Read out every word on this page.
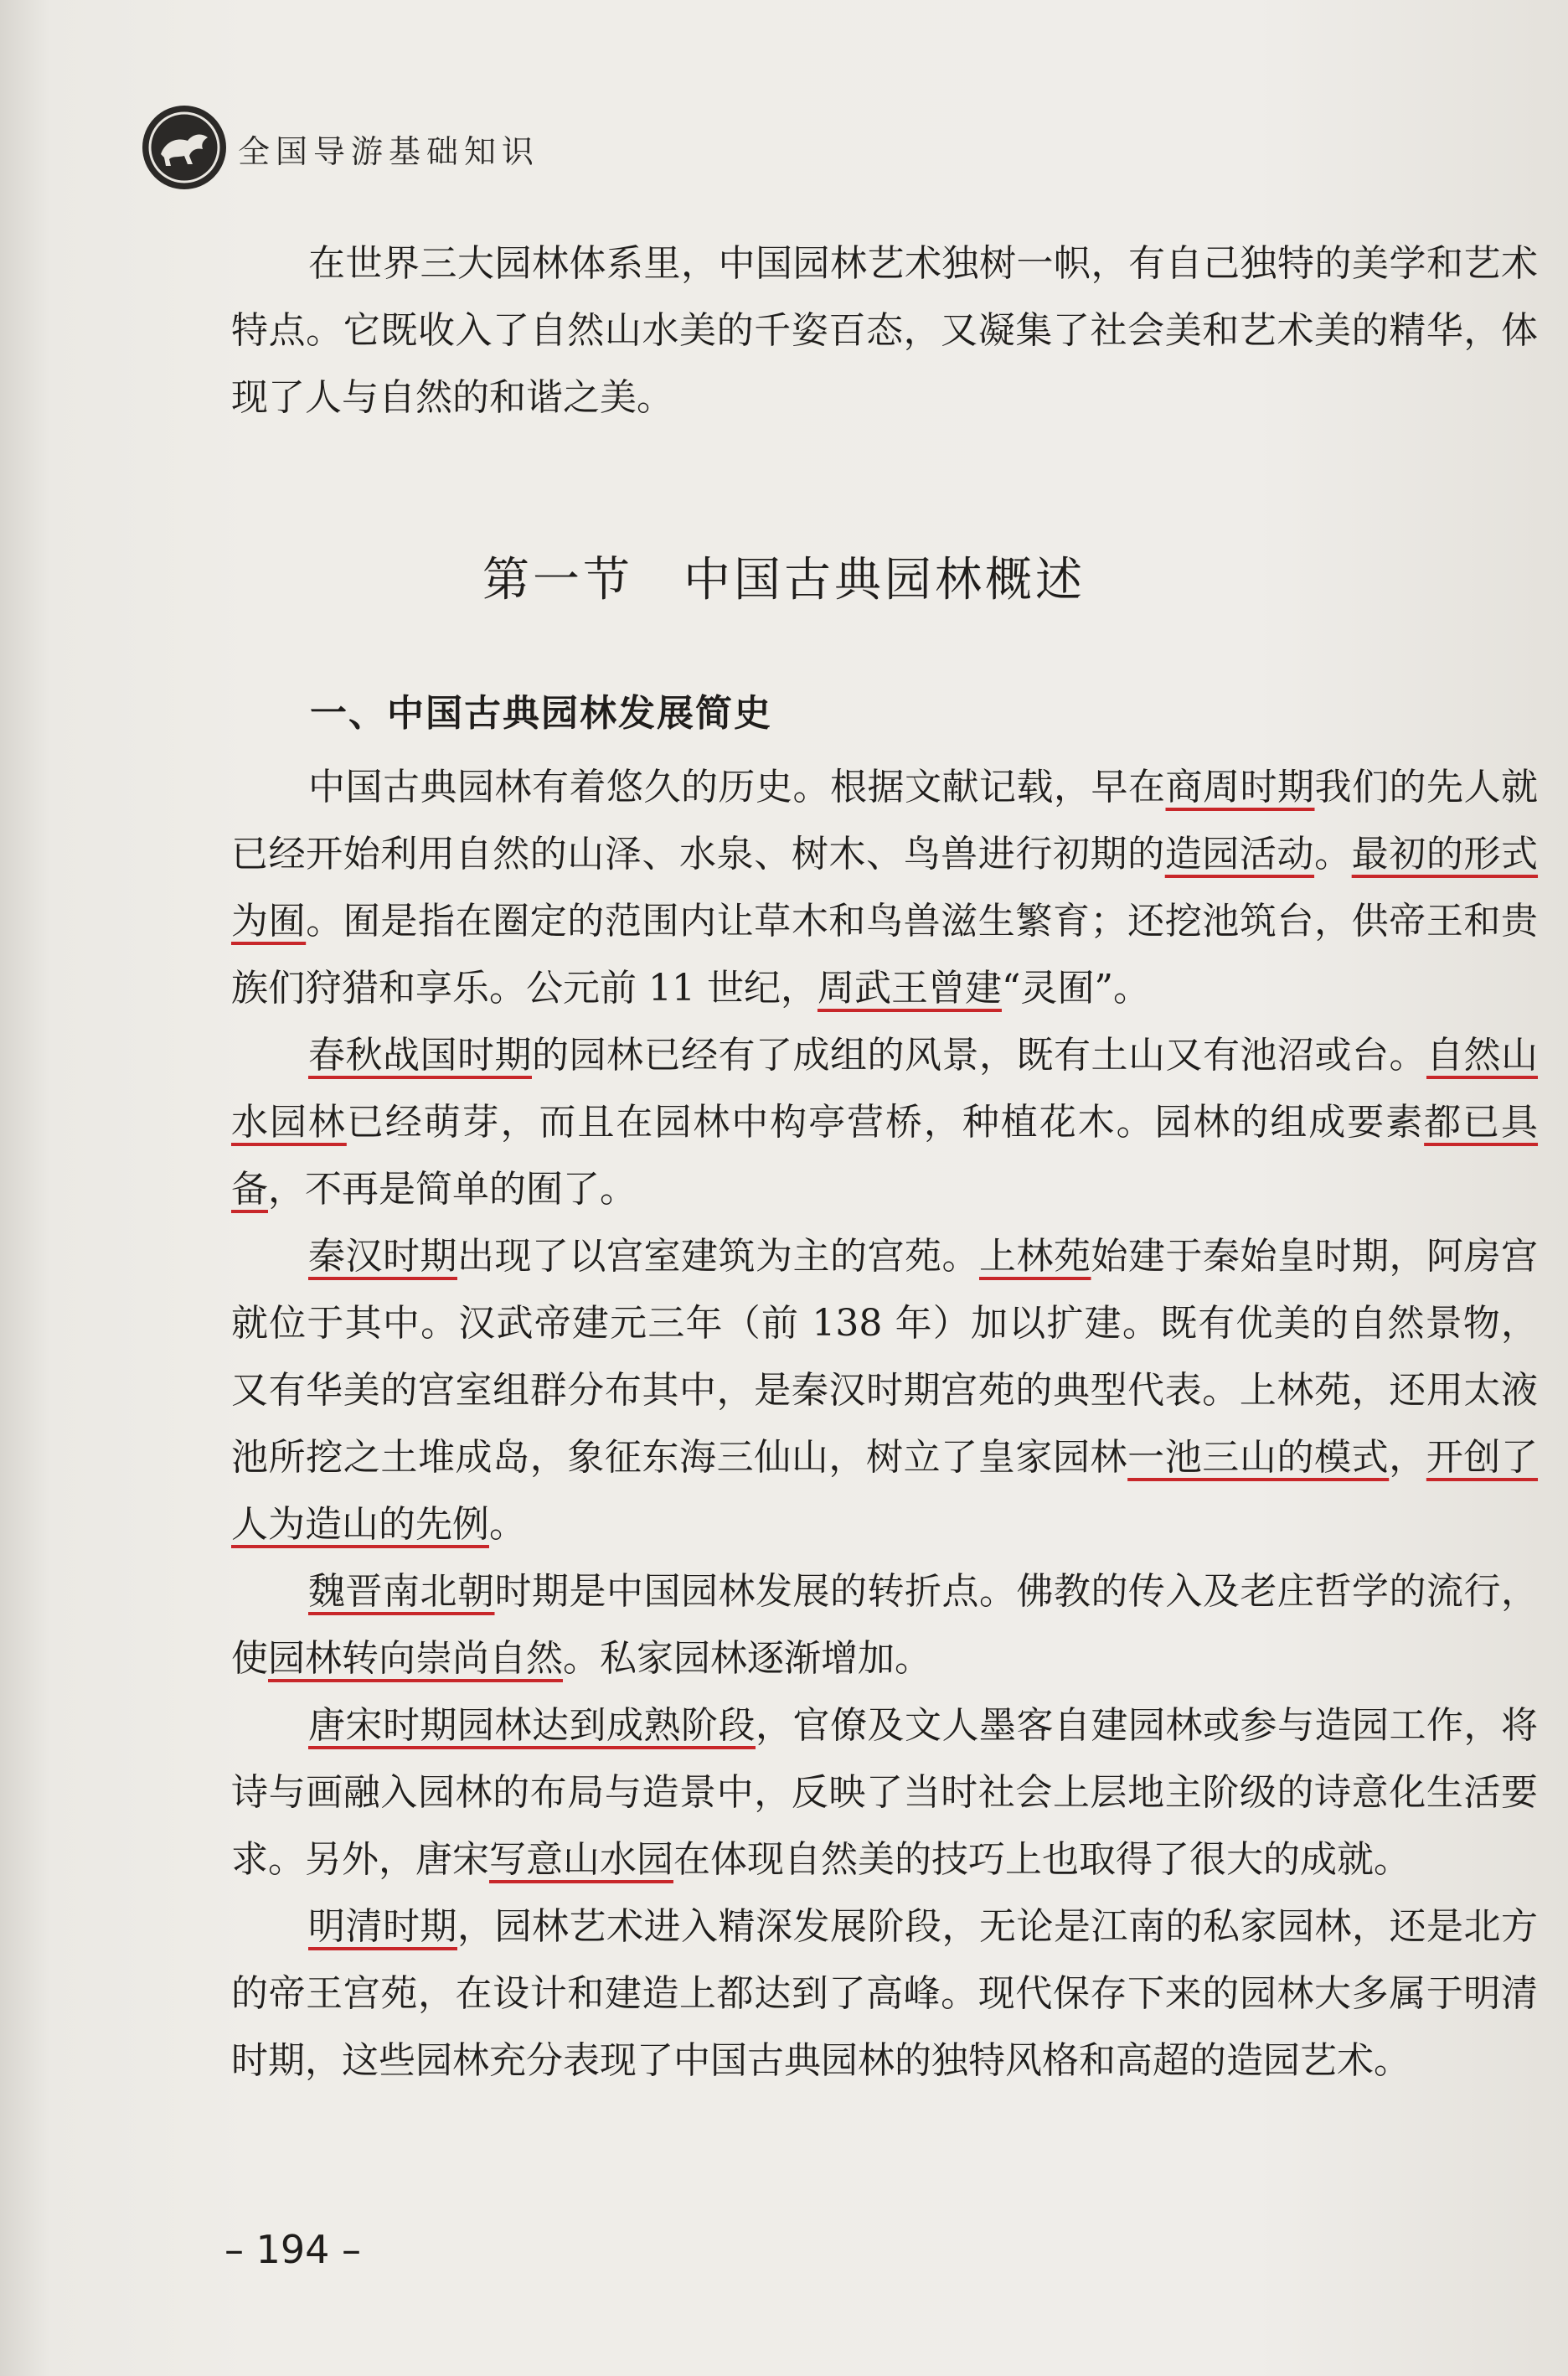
全国导游基础知识

在世界三大园林体系里，中国园林艺术独树一帜，有自己独特的美学和艺术特点。它既收入了自然山水美的千姿百态，又凝集了社会美和艺术美的精华，体现了人与自然的和谐之美。

第一节　中国古典园林概述
一、中国古典园林发展简史

中国古典园林有着悠久的历史。根据文献记载，早在商周时期我们的先人就已经开始利用自然的山泽、水泉、树木、鸟兽进行初期的造园活动。最初的形式为囿。囿是指在圈定的范围内让草木和鸟兽滋生繁育；还挖池筑台，供帝王和贵族们狩猎和享乐。公元前 11 世纪，周武王曾建“灵囿”。

春秋战国时期的园林已经有了成组的风景，既有土山又有池沼或台。自然山水园林已经萌芽，而且在园林中构亭营桥，种植花木。园林的组成要素都已具备，不再是简单的囿了。

秦汉时期出现了以宫室建筑为主的宫苑。上林苑始建于秦始皇时期，阿房宫就位于其中。汉武帝建元三年（前 138 年）加以扩建。既有优美的自然景物，又有华美的宫室组群分布其中，是秦汉时期宫苑的典型代表。上林苑，还用太液池所挖之土堆成岛，象征东海三仙山，树立了皇家园林一池三山的模式，开创了人为造山的先例。

魏晋南北朝时期是中国园林发展的转折点。佛教的传入及老庄哲学的流行，使园林转向崇尚自然。私家园林逐渐增加。

唐宋时期园林达到成熟阶段，官僚及文人墨客自建园林或参与造园工作，将诗与画融入园林的布局与造景中，反映了当时社会上层地主阶级的诗意化生活要求。另外，唐宋写意山水园在体现自然美的技巧上也取得了很大的成就。

明清时期，园林艺术进入精深发展阶段，无论是江南的私家园林，还是北方的帝王宫苑，在设计和建造上都达到了高峰。现代保存下来的园林大多属于明清时期，这些园林充分表现了中国古典园林的独特风格和高超的造园艺术。

– 194 –
